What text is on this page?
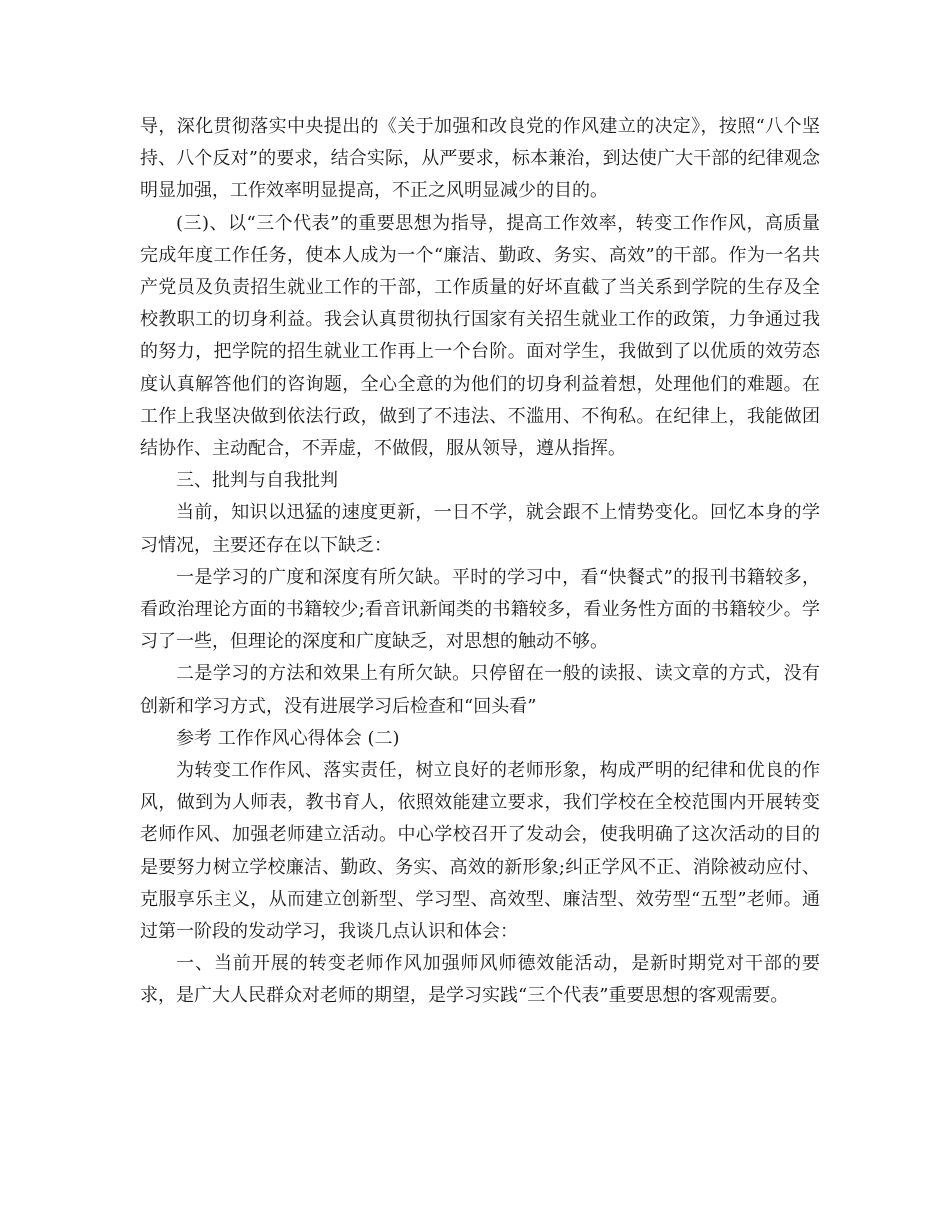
导，深化贯彻落实中央提出的《关于加强和改良党的作风建立的决定》，按照“八个坚持、八个反对”的要求，结合实际，从严要求，标本兼治，到达使广大干部的纪律观念明显加强，工作效率明显提高，不正之风明显减少的目的。

(三)、以“三个代表”的重要思想为指导，提高工作效率，转变工作作风，高质量完成年度工作任务，使本人成为一个“廉洁、勤政、务实、高效”的干部。作为一名共产党员及负责招生就业工作的干部，工作质量的好坏直截了当关系到学院的生存及全校教职工的切身利益。我会认真贯彻执行国家有关招生就业工作的政策，力争通过我的努力，把学院的招生就业工作再上一个台阶。面对学生，我做到了以优质的效劳态度认真解答他们的咨询题，全心全意的为他们的切身利益着想，处理他们的难题。在工作上我坚决做到依法行政，做到了不违法、不滥用、不徇私。在纪律上，我能做团结协作、主动配合，不弄虚，不做假，服从领导，遵从指挥。

三、批判与自我批判

当前，知识以迅猛的速度更新，一日不学，就会跟不上情势变化。回忆本身的学习情况，主要还存在以下缺乏：

一是学习的广度和深度有所欠缺。平时的学习中，看“快餐式”的报刊书籍较多，看政治理论方面的书籍较少;看音讯新闻类的书籍较多，看业务性方面的书籍较少。学习了一些，但理论的深度和广度缺乏，对思想的触动不够。

二是学习的方法和效果上有所欠缺。只停留在一般的读报、读文章的方式，没有创新和学习方式，没有进展学习后检查和“回头看”

参考 工作作风心得体会 (二)

为转变工作作风、落实责任，树立良好的老师形象，构成严明的纪律和优良的作风，做到为人师表，教书育人，依照效能建立要求，我们学校在全校范围内开展转变老师作风、加强老师建立活动。中心学校召开了发动会，使我明确了这次活动的目的是要努力树立学校廉洁、勤政、务实、高效的新形象;纠正学风不正、消除被动应付、克服享乐主义，从而建立创新型、学习型、高效型、廉洁型、效劳型“五型”老师。通过第一阶段的发动学习，我谈几点认识和体会：

一、当前开展的转变老师作风加强师风师德效能活动，是新时期党对干部的要求，是广大人民群众对老师的期望，是学习实践“三个代表”重要思想的客观需要。
